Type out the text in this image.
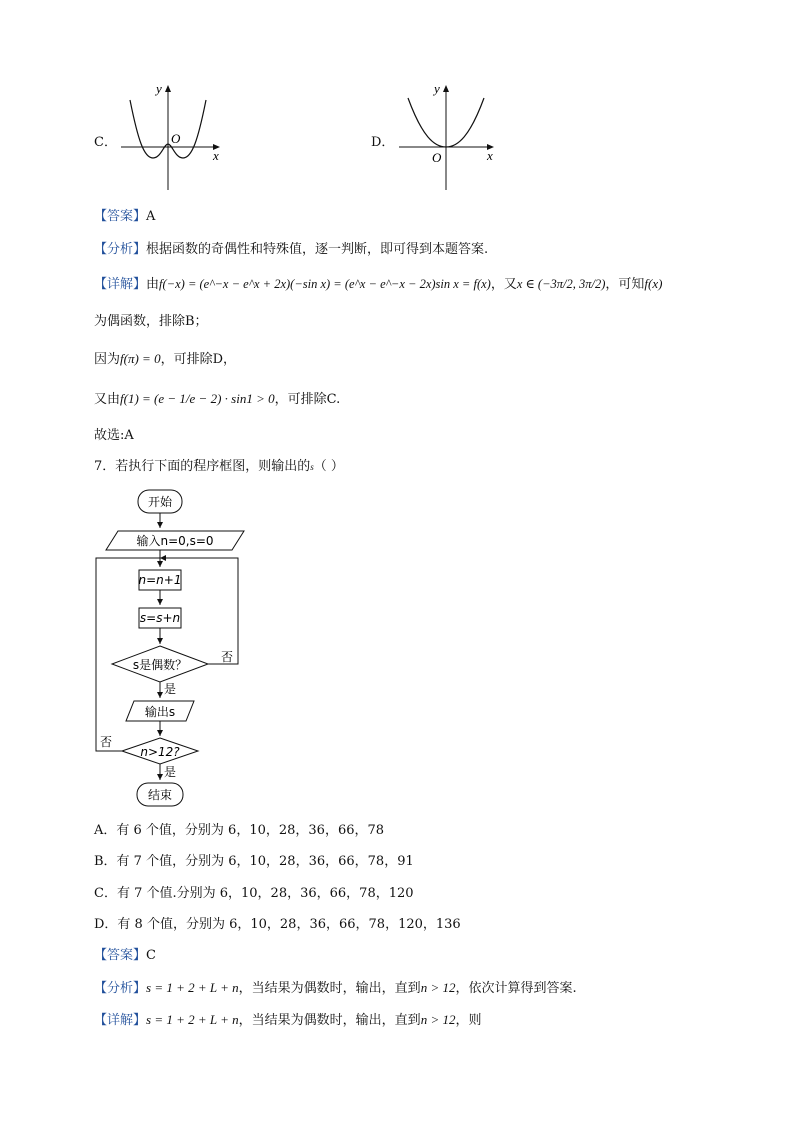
C．
y
x
O	D．
y
x
O
【答案】A
【分析】根据函数的奇偶性和特殊值，逐一判断，即可得到本题答案.
【详解】由f(−x) = (e^−x − e^x + 2x)(−sin x) = (e^x − e^−x − 2x)sin x = f(x)，又x ∈ (−3π/2, 3π/2)，可知f(x)
为偶函数，排除B；
因为f(π) = 0，可排除D，
又由f(1) = (e − 1/e − 2) · sin1 > 0，可排除C.
故选:A
7．若执行下面的程序框图，则输出的s（ ）
开始
输入n=0,s=0
n=n+1
s=s+n
s是偶数？
否
是
输出s
n>12?
否
是
结束
A．有 6 个值，分别为 6，10，28，36，66，78
B．有 7 个值，分别为 6，10，28，36，66，78，91
C．有 7 个值.分别为 6，10，28，36，66，78，120
D．有 8 个值，分别为 6，10，28，36，66，78，120，136
【答案】C
【分析】s = 1 + 2 + L + n，当结果为偶数时，输出，直到n > 12，依次计算得到答案.
【详解】s = 1 + 2 + L + n，当结果为偶数时，输出，直到n > 12，则
